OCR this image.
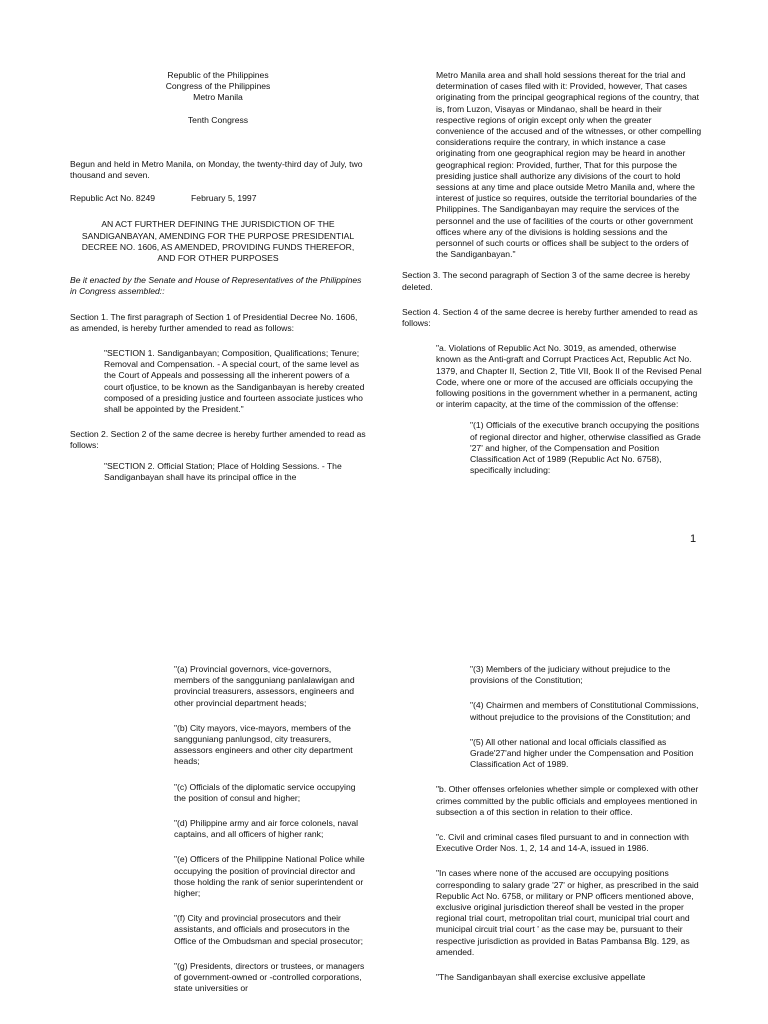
Republic of the Philippines
Congress of the Philippines
Metro Manila
Tenth Congress

Begun and held in Metro Manila, on Monday, the twenty-third day of July, two thousand and seven.

Republic Act No. 8249	February 5, 1997

AN ACT FURTHER DEFINING THE JURISDICTION OF THE SANDIGANBAYAN, AMENDING FOR THE PURPOSE PRESIDENTIAL DECREE NO. 1606, AS AMENDED, PROVIDING FUNDS THEREFOR, AND FOR OTHER PURPOSES

Be it enacted by the Senate and House of Representatives of the Philippines in Congress assembled::

Section 1. The first paragraph of Section 1 of Presidential Decree No. 1606, as amended, is hereby further amended to read as follows:

"SECTION 1. Sandiganbayan; Composition, Qualifications; Tenure; Removal and Compensation. - A special court, of the same level as the Court of Appeals and possessing all the inherent powers of a court ofjustice, to be known as the Sandiganbayan is hereby created composed of a presiding justice and fourteen associate justices who shall be appointed by the President."

Section 2. Section 2 of the same decree is hereby further amended to read as follows:

"SECTION 2. Official Station; Place of Holding Sessions. - The Sandiganbayan shall have its principal office in the

Metro Manila area and shall hold sessions thereat for the trial and determination of cases filed with it: Provided, however, That cases originating from the principal geographical regions of the country, that is, from Luzon, Visayas or Mindanao, shall be heard in their respective regions of origin except only when the greater convenience of the accused and of the witnesses, or other compelling considerations require the contrary, in which instance a case originating from one geographical region may be heard in another geographical region: Provided, further, That for this purpose the presiding justice shall authorize any divisions of the court to hold sessions at any time and place outside Metro Manila and, where the interest of justice so requires, outside the territorial boundaries of the Philippines. The Sandiganbayan may require the services of the personnel and the use of facilities of the courts or other government offices where any of the divisions is holding sessions and the personnel of such courts or offices shall be subject to the orders of the Sandiganbayan."

Section 3. The second paragraph of Section 3 of the same decree is hereby deleted.

Section 4. Section 4 of the same decree is hereby further amended to read as follows:

"a. Violations of Republic Act No. 3019, as amended, otherwise known as the Anti-graft and Corrupt Practices Act, Republic Act No. 1379, and Chapter II, Section 2, Title VII, Book II of the Revised Penal Code, where one or more of the accused are officials occupying the following positions in the government whether in a permanent, acting or interim capacity, at the time of the commission of the offense:

"(1) Officials of the executive branch occupying the positions of regional director and higher, otherwise classified as Grade '27' and higher, of the Compensation and Position Classification Act of 1989 (Republic Act No. 6758), specifically including:

1

"(a) Provincial governors, vice-governors, members of the sangguniang panlalawigan and provincial treasurers, assessors, engineers and other provincial department heads;

"(b) City mayors, vice-mayors, members of the sangguniang panlungsod, city treasurers, assessors engineers and other city department heads;

"(c) Officials of the diplomatic service occupying the position of consul and higher;

"(d) Philippine army and air force colonels, naval captains, and all officers of higher rank;

"(e) Officers of the Philippine National Police while occupying the position of provincial director and those holding the rank of senior superintendent or higher;

"(f) City and provincial prosecutors and their assistants, and officials and prosecutors in the Office of the Ombudsman and special prosecutor;

"(g) Presidents, directors or trustees, or managers of government-owned or -controlled corporations, state universities or

"(3) Members of the judiciary without prejudice to the provisions of the Constitution;

"(4) Chairmen and members of Constitutional Commissions, without prejudice to the provisions of the Constitution; and

"(5) All other national and local officials classified as Grade'27'and higher under the Compensation and Position Classification Act of 1989.

"b. Other offenses orfelonies whether simple or complexed with other crimes committed by the public officials and employees mentioned in subsection a of this section in relation to their office.

"c. Civil and criminal cases filed pursuant to and in connection with Executive Order Nos. 1, 2, 14 and 14-A, issued in 1986.

"In cases where none of the accused are occupying positions corresponding to salary grade '27' or higher, as prescribed in the said Republic Act No. 6758, or military or PNP officers mentioned above, exclusive original jurisdiction thereof shall be vested in the proper regional trial court, metropolitan trial court, municipal trial court and municipal circuit trial court ' as the case may be, pursuant to their respective jurisdiction as provided in Batas Pambansa Blg. 129, as amended.

"The Sandiganbayan shall exercise exclusive appellate
